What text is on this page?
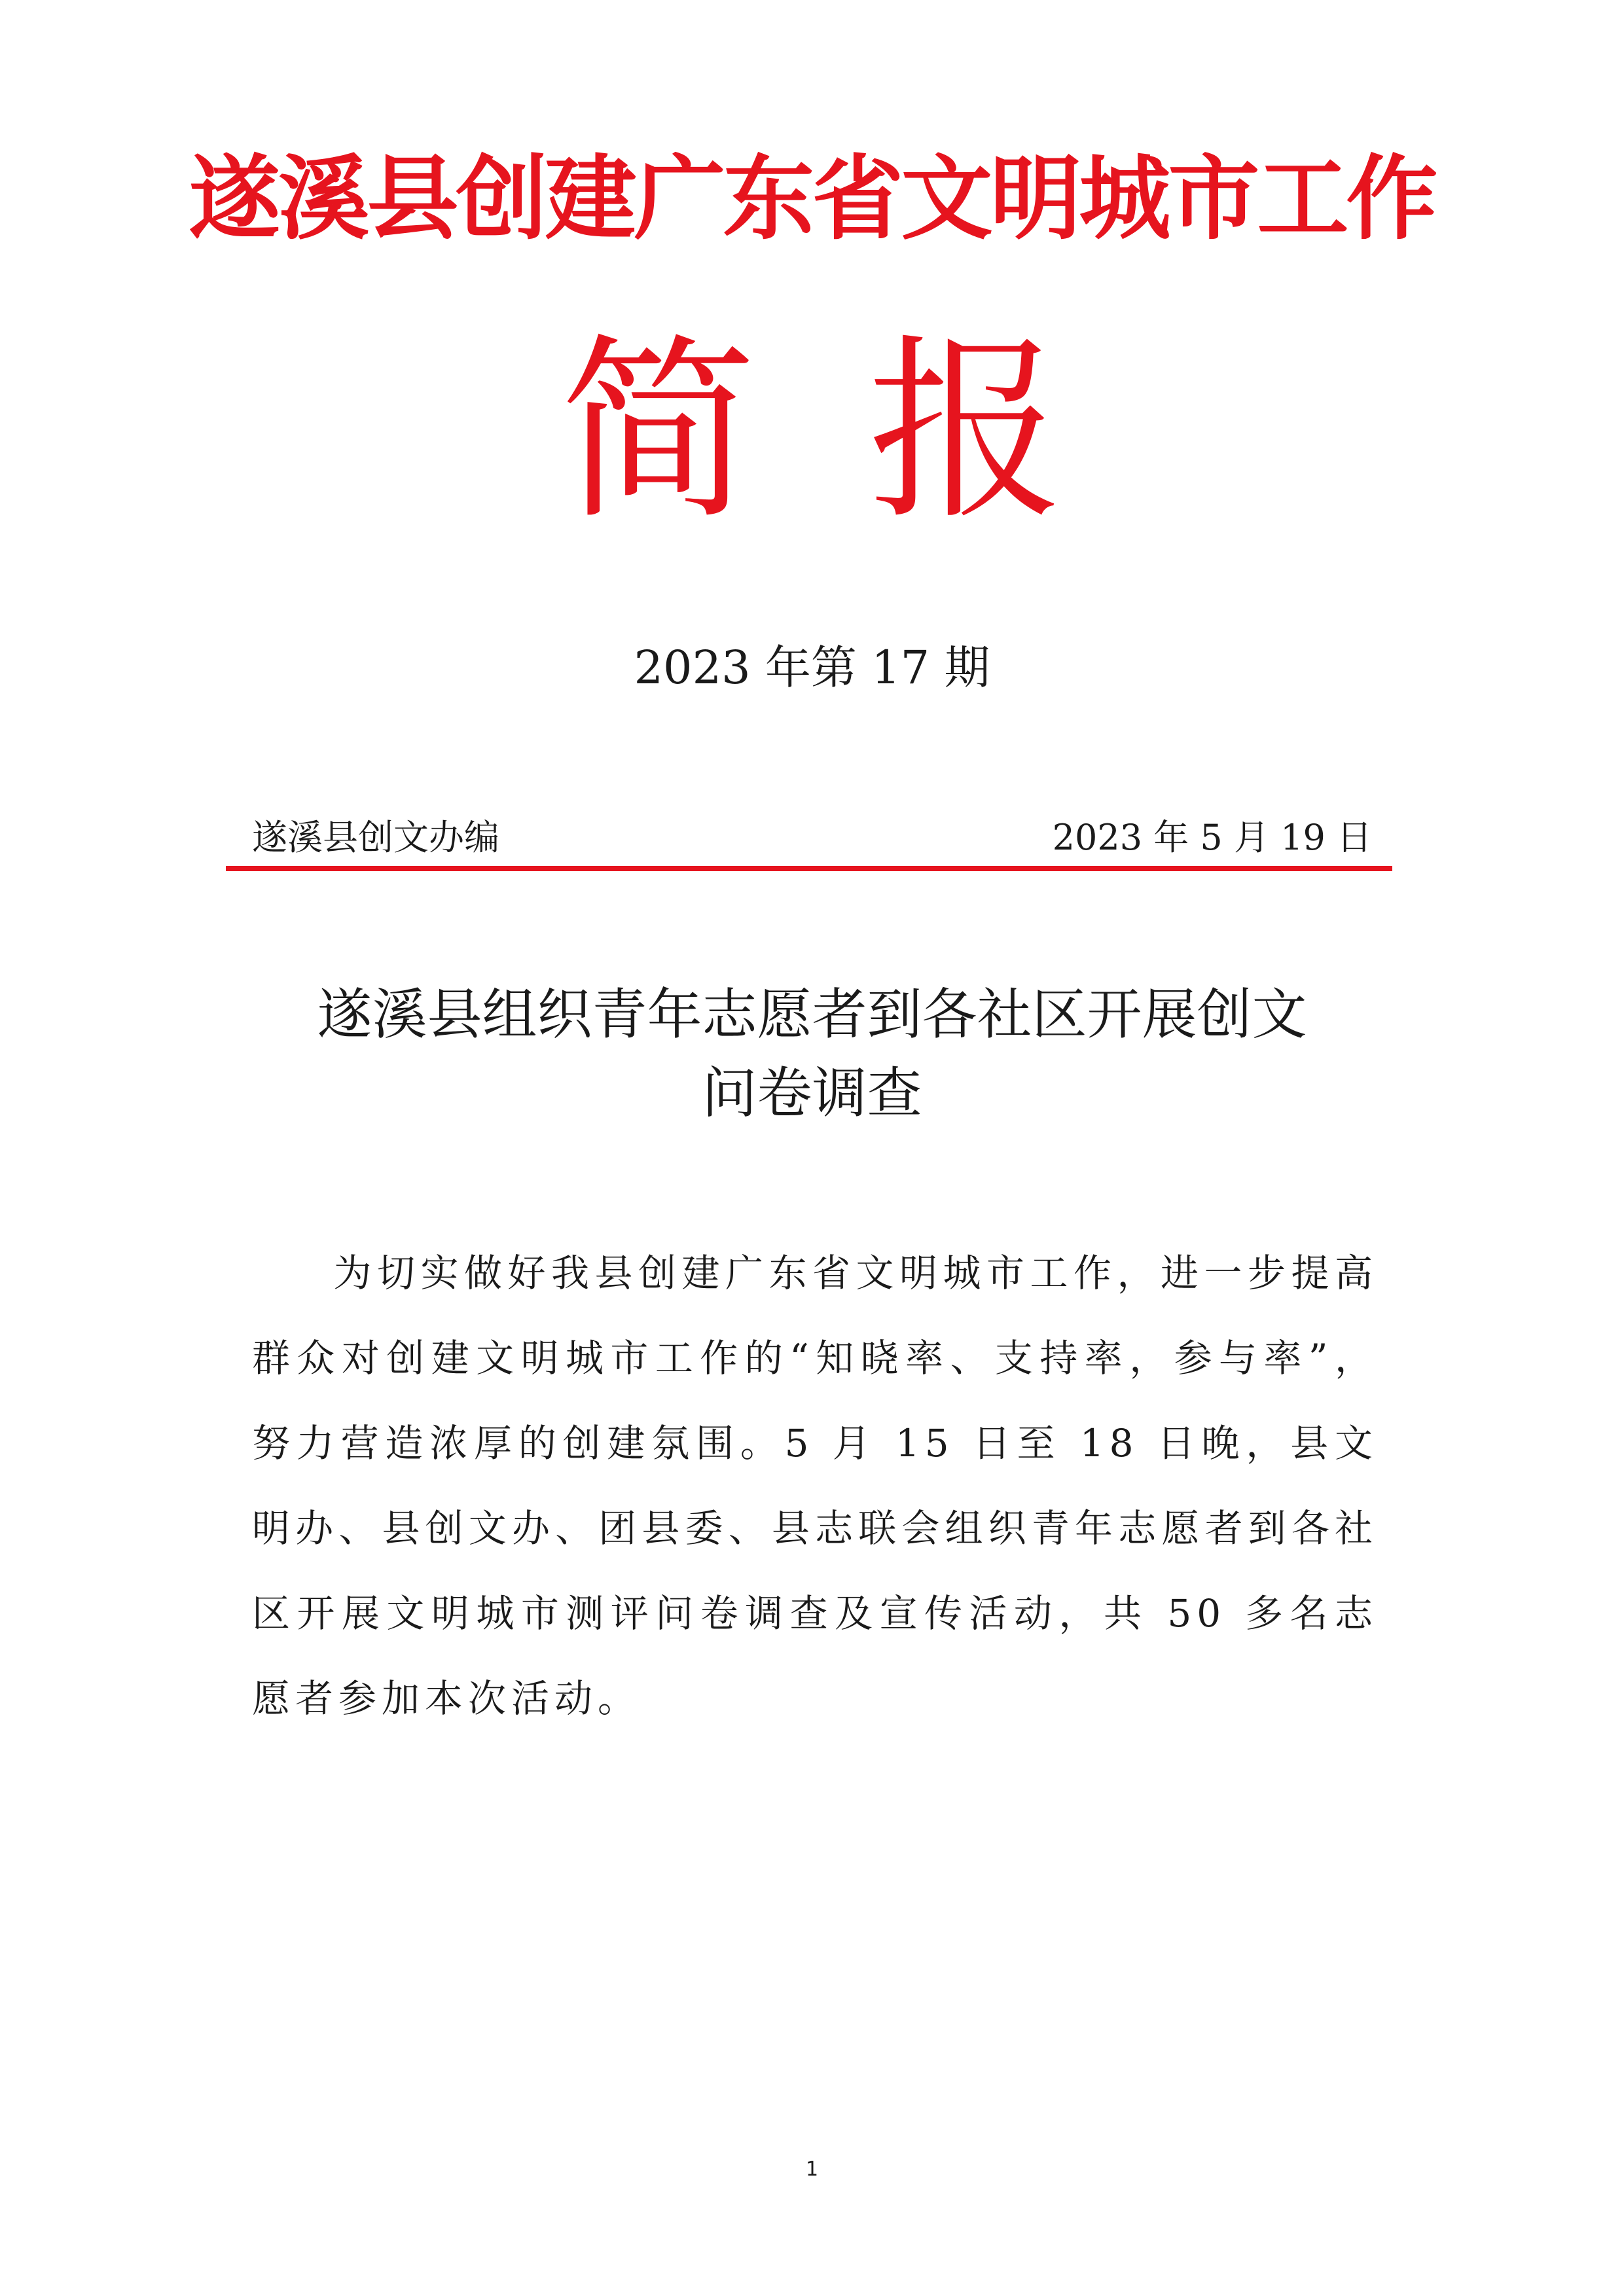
遂溪县创建广东省文明城市工作
简 报
2023 年第 17 期
遂溪县创文办编	2023 年 5 月 19 日
遂溪县组织青年志愿者到各社区开展创文
问卷调查
为切实做好我县创建广东省文明城市工作，进一步提高群众对创建文明城市工作的“知晓率、支持率，参与率”，努力营造浓厚的创建氛围。5 月 15 日至 18 日晚，县文明办、县创文办、团县委、县志联会组织青年志愿者到各社区开展文明城市测评问卷调查及宣传活动，共 50 多名志愿者参加本次活动。
1
